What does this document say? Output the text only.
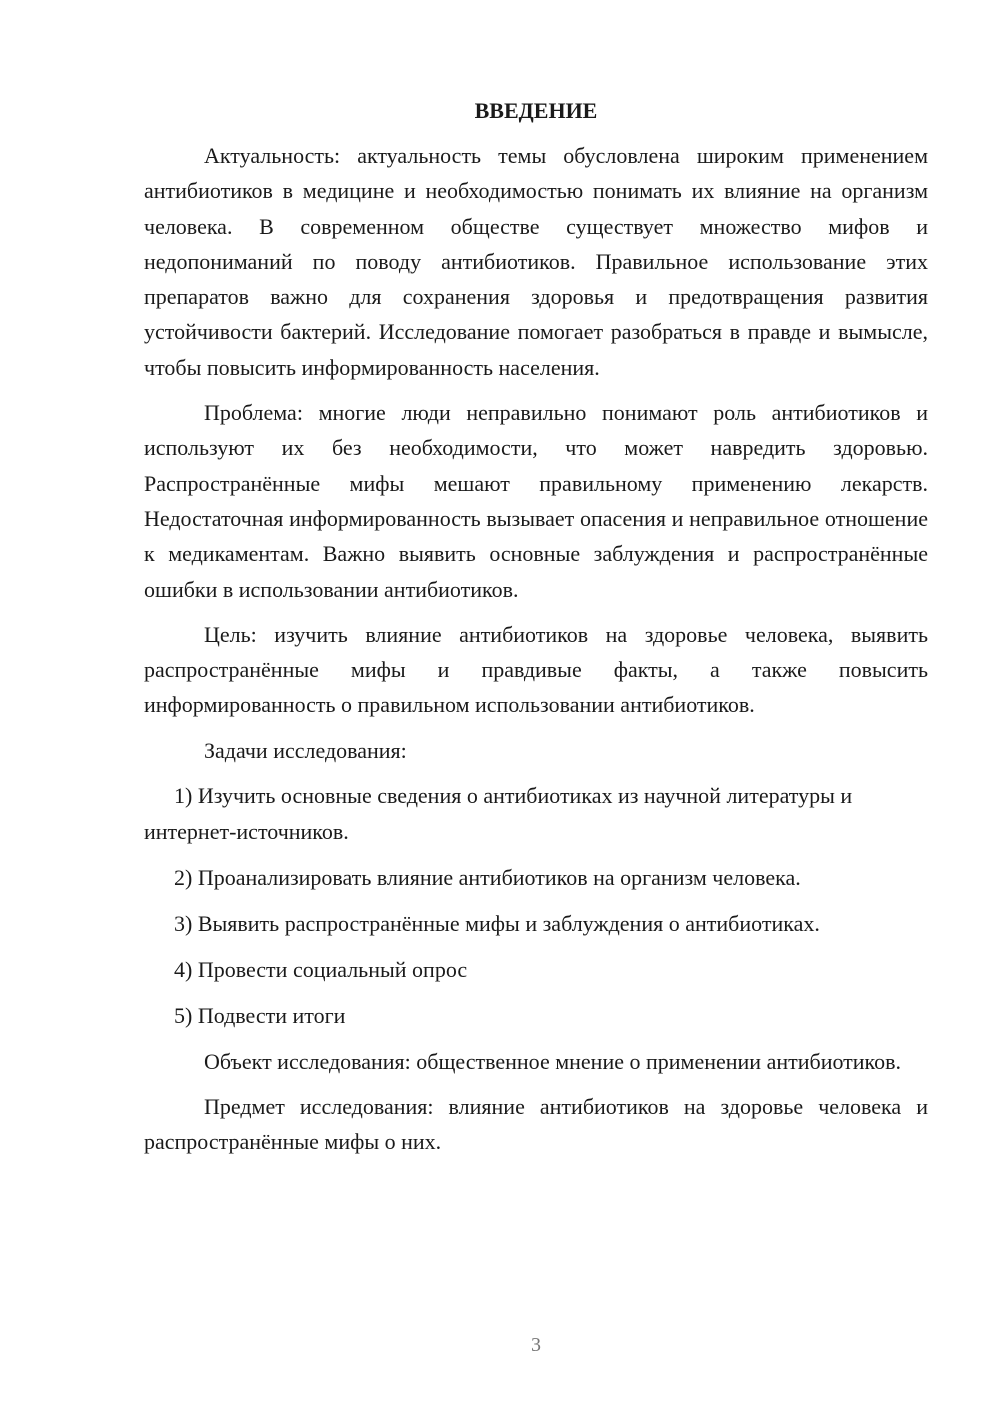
ВВЕДЕНИЕ

Актуальность: актуальность темы обусловлена широким применением антибиотиков в медицине и необходимостью понимать их влияние на организм человека. В современном обществе существует множество мифов и недопониманий по поводу антибиотиков. Правильное использование этих препаратов важно для сохранения здоровья и предотвращения развития устойчивости бактерий. Исследование помогает разобраться в правде и вымысле, чтобы повысить информированность населения.

Проблема: многие люди неправильно понимают роль антибиотиков и используют их без необходимости, что может навредить здоровью. Распространённые мифы мешают правильному применению лекарств. Недостаточная информированность вызывает опасения и неправильное отношение к медикаментам. Важно выявить основные заблуждения и распространённые ошибки в использовании антибиотиков.

Цель: изучить влияние антибиотиков на здоровье человека, выявить распространённые мифы и правдивые факты, а также повысить информированность о правильном использовании антибиотиков.

Задачи исследования:

1) Изучить основные сведения о антибиотиках из научной литературы и интернет-источников.

2) Проанализировать влияние антибиотиков на организм человека.

3) Выявить распространённые мифы и заблуждения о антибиотиках.

4) Провести социальный опрос

5) Подвести итоги

Объект исследования: общественное мнение о применении антибиотиков.

Предмет исследования: влияние антибиотиков на здоровье человека и распространённые мифы о них.

3
